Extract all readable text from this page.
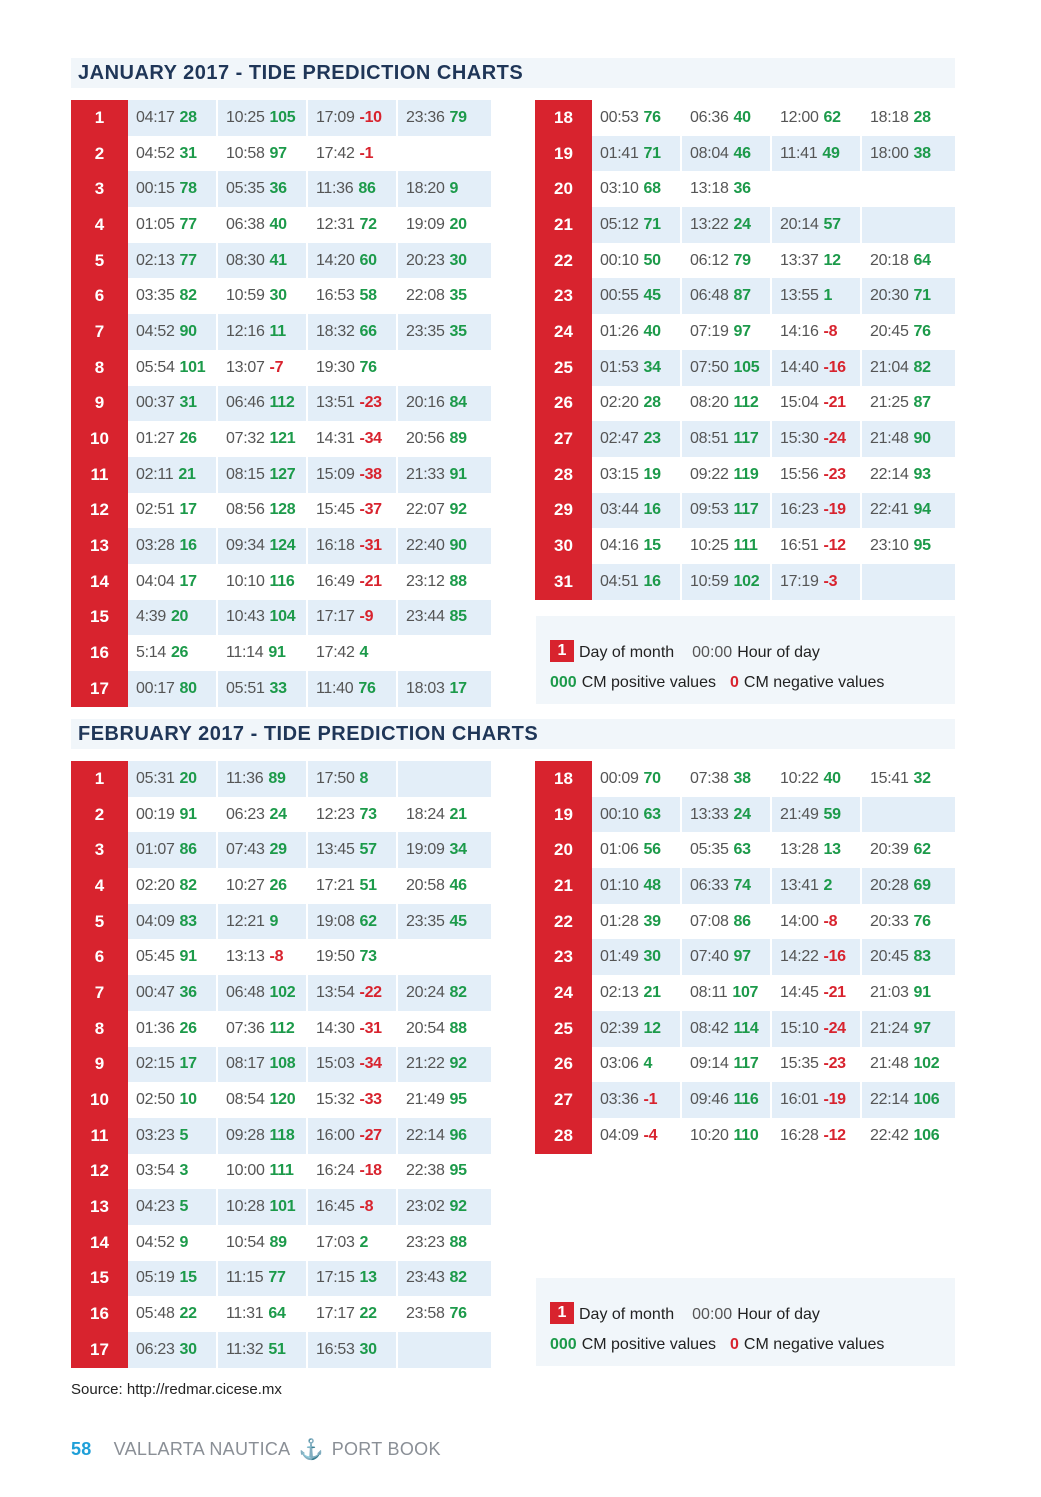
JANUARY 2017 - TIDE PREDICTION CHARTS
1	04:17 28 10:25 105 17:09 -10 23:36 79
2	04:52 31 10:58 97 17:42 -1
3	00:15 78 05:35 36 11:36 86 18:20 9
4	01:05 77 06:38 40 12:31 72 19:09 20
5	02:13 77 08:30 41 14:20 60 20:23 30
6	03:35 82 10:59 30 16:53 58 22:08 35
7	04:52 90 12:16 11 18:32 66 23:35 35
8	05:54 101 13:07 -7 19:30 76
9	00:37 31 06:46 112 13:51 -23 20:16 84
10	01:27 26 07:32 121 14:31 -34 20:56 89
11	02:11 21 08:15 127 15:09 -38 21:33 91
12	02:51 17 08:56 128 15:45 -37 22:07 92
13	03:28 16 09:34 124 16:18 -31 22:40 90
14	04:04 17 10:10 116 16:49 -21 23:12 88
15	4:39 20 10:43 104 17:17 -9 23:44 85
16	5:14 26 11:14 91 17:42 4
17	00:17 80 05:51 33 11:40 76 18:03 17
18	00:53 76 06:36 40 12:00 62 18:18 28
19	01:41 71 08:04 46 11:41 49 18:00 38
20	03:10 68 13:18 36
21	05:12 71 13:22 24 20:14 57
22	00:10 50 06:12 79 13:37 12 20:18 64
23	00:55 45 06:48 87 13:55 1 20:30 71
24	01:26 40 07:19 97 14:16 -8 20:45 76
25	01:53 34 07:50 105 14:40 -16 21:04 82
26	02:20 28 08:20 112 15:04 -21 21:25 87
27	02:47 23 08:51 117 15:30 -24 21:48 90
28	03:15 19 09:22 119 15:56 -23 22:14 93
29	03:44 16 09:53 117 16:23 -19 22:41 94
30	04:16 15 10:25 111 16:51 -12 23:10 95
31	04:51 16 10:59 102 17:19 -3
1 Day of month 00:00 Hour of day
000 CM positive values 0 CM negative values
FEBRUARY 2017 - TIDE PREDICTION CHARTS
1	05:31 20 11:36 89 17:50 8
2	00:19 91 06:23 24 12:23 73 18:24 21
3	01:07 86 07:43 29 13:45 57 19:09 34
4	02:20 82 10:27 26 17:21 51 20:58 46
5	04:09 83 12:21 9 19:08 62 23:35 45
6	05:45 91 13:13 -8 19:50 73
7	00:47 36 06:48 102 13:54 -22 20:24 82
8	01:36 26 07:36 112 14:30 -31 20:54 88
9	02:15 17 08:17 108 15:03 -34 21:22 92
10	02:50 10 08:54 120 15:32 -33 21:49 95
11	03:23 5 09:28 118 16:00 -27 22:14 96
12	03:54 3 10:00 111 16:24 -18 22:38 95
13	04:23 5 10:28 101 16:45 -8 23:02 92
14	04:52 9 10:54 89 17:03 2 23:23 88
15	05:19 15 11:15 77 17:15 13 23:43 82
16	05:48 22 11:31 64 17:17 22 23:58 76
17	06:23 30 11:32 51 16:53 30
18	00:09 70 07:38 38 10:22 40 15:41 32
19	00:10 63 13:33 24 21:49 59
20	01:06 56 05:35 63 13:28 13 20:39 62
21	01:10 48 06:33 74 13:41 2 20:28 69
22	01:28 39 07:08 86 14:00 -8 20:33 76
23	01:49 30 07:40 97 14:22 -16 20:45 83
24	02:13 21 08:11 107 14:45 -21 21:03 91
25	02:39 12 08:42 114 15:10 -24 21:24 97
26	03:06 4 09:14 117 15:35 -23 21:48 102
27	03:36 -1 09:46 116 16:01 -19 22:14 106
28	04:09 -4 10:20 110 16:28 -12 22:42 106
1 Day of month 00:00 Hour of day
000 CM positive values 0 CM negative values
Source: http://redmar.cicese.mx
58 VALLARTA NAUTICA ⚓ PORT BOOK
